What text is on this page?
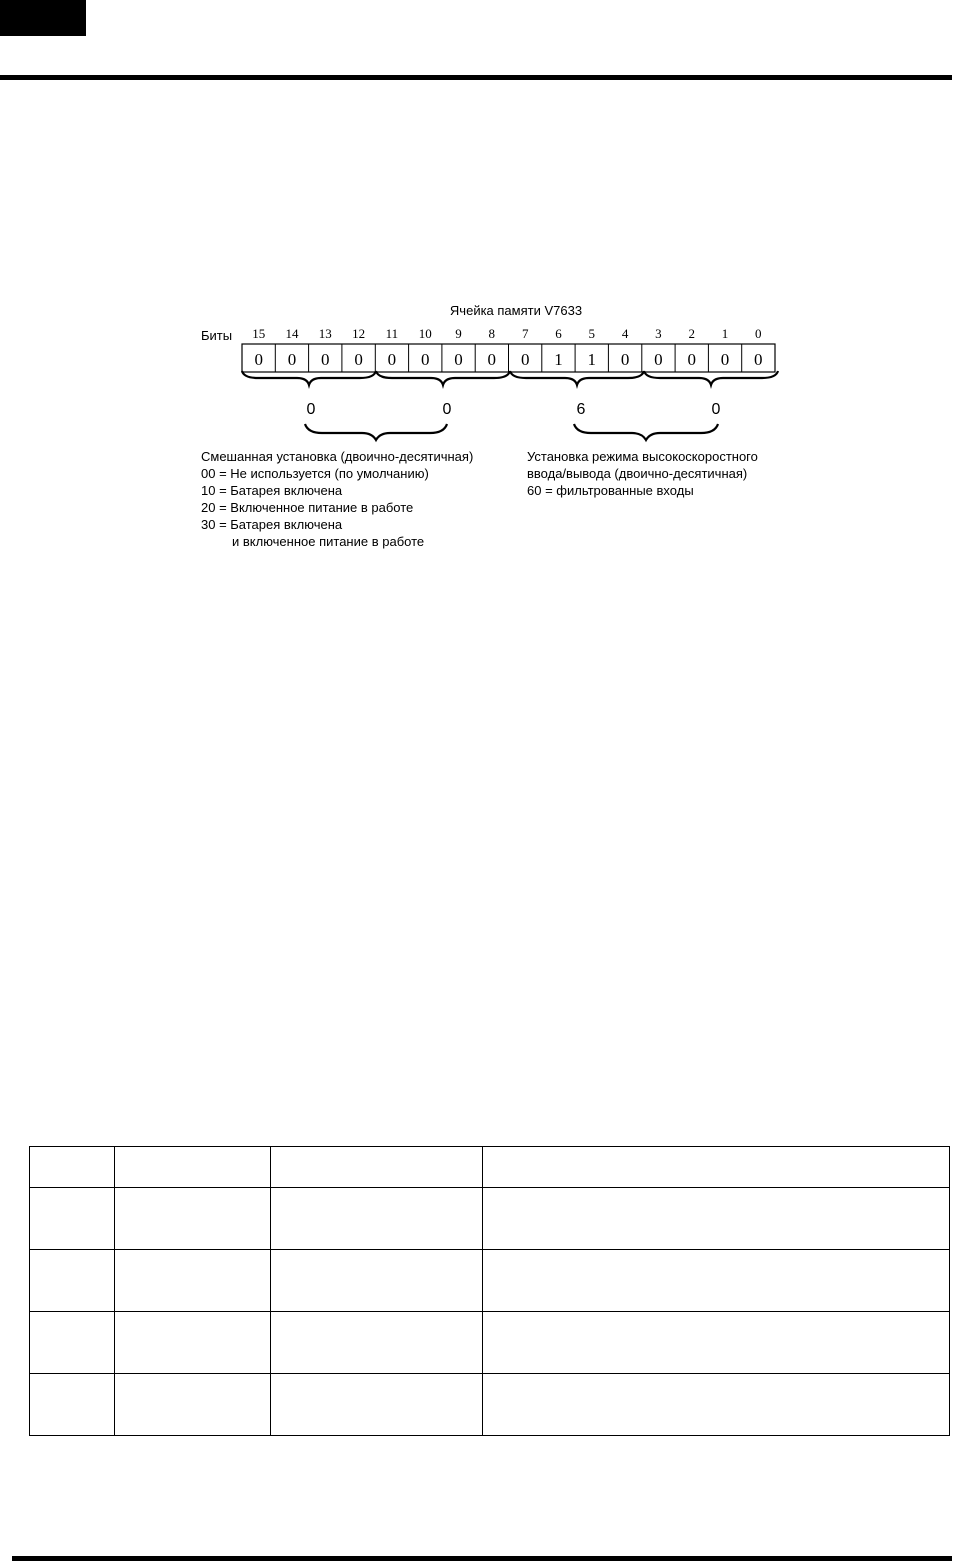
Ячейка памяти V7633
Биты 15 14 13 12 11 10 9 8 7 6 5 4 3 2 1 0
0 0 0 0 0 0 0 0 0 1 1 0 0 0 0 0
0	0	6	0
Смешанная установка (двоично-десятичная)
00 = Не используется (по умолчанию)
10 = Батарея включена
20 = Включенное питание в работе
30 = Батарея включена
и включенное питание в работе
Установка режима высокоскоростного
ввода/вывода (двоично-десятичная)
60 = фильтрованные входы
